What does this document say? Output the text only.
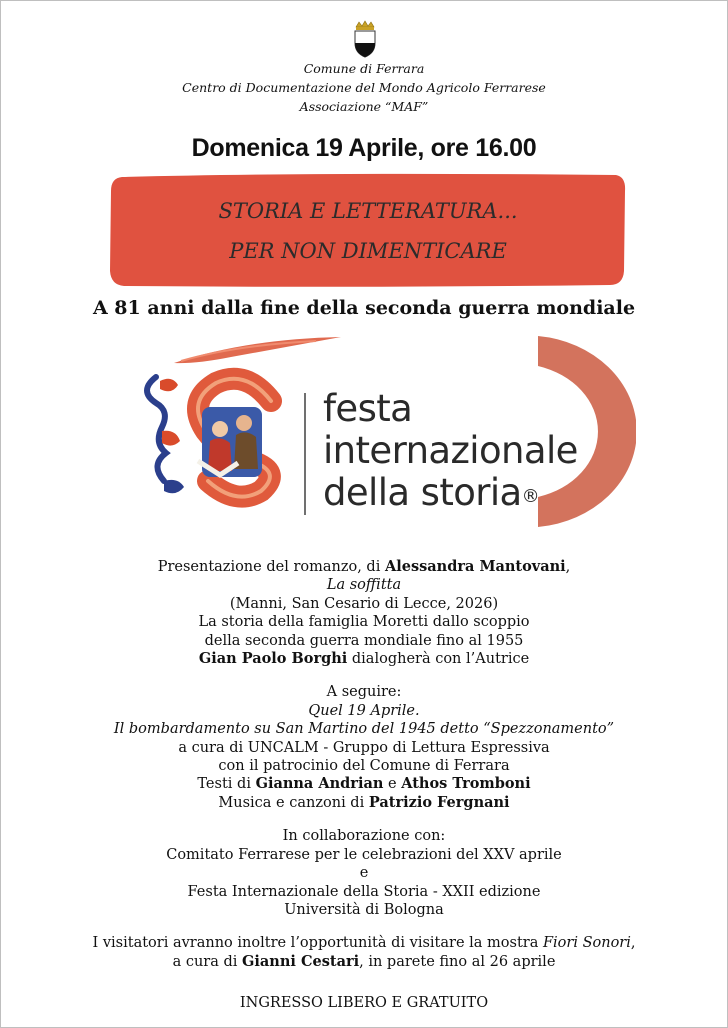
Comune di Ferrara
Centro di Documentazione del Mondo Agricolo Ferrarese
Associazione “MAF”
Domenica 19 Aprile, ore 16.00
STORIA E LETTERATURA...
PER NON DIMENTICARE
A 81 anni dalla fine della seconda guerra mondiale
festa
internazionale
della storia®
Presentazione del romanzo, di Alessandra Mantovani,
La soffitta
(Manni, San Cesario di Lecce, 2026)
La storia della famiglia Moretti dallo scoppio
della seconda guerra mondiale fino al 1955
Gian Paolo Borghi dialogherà con l’Autrice
A seguire:
Quel 19 Aprile.
Il bombardamento su San Martino del 1945 detto “Spezzonamento”
a cura di UNCALM - Gruppo di Lettura Espressiva
con il patrocinio del Comune di Ferrara
Testi di Gianna Andrian e Athos Tromboni
Musica e canzoni di Patrizio Fergnani
In collaborazione con:
Comitato Ferrarese per le celebrazioni del XXV aprile
e
Festa Internazionale della Storia - XXII edizione
Università di Bologna
I visitatori avranno inoltre l’opportunità di visitare la mostra Fiori Sonori,
a cura di Gianni Cestari, in parete fino al 26 aprile
INGRESSO LIBERO E GRATUITO
